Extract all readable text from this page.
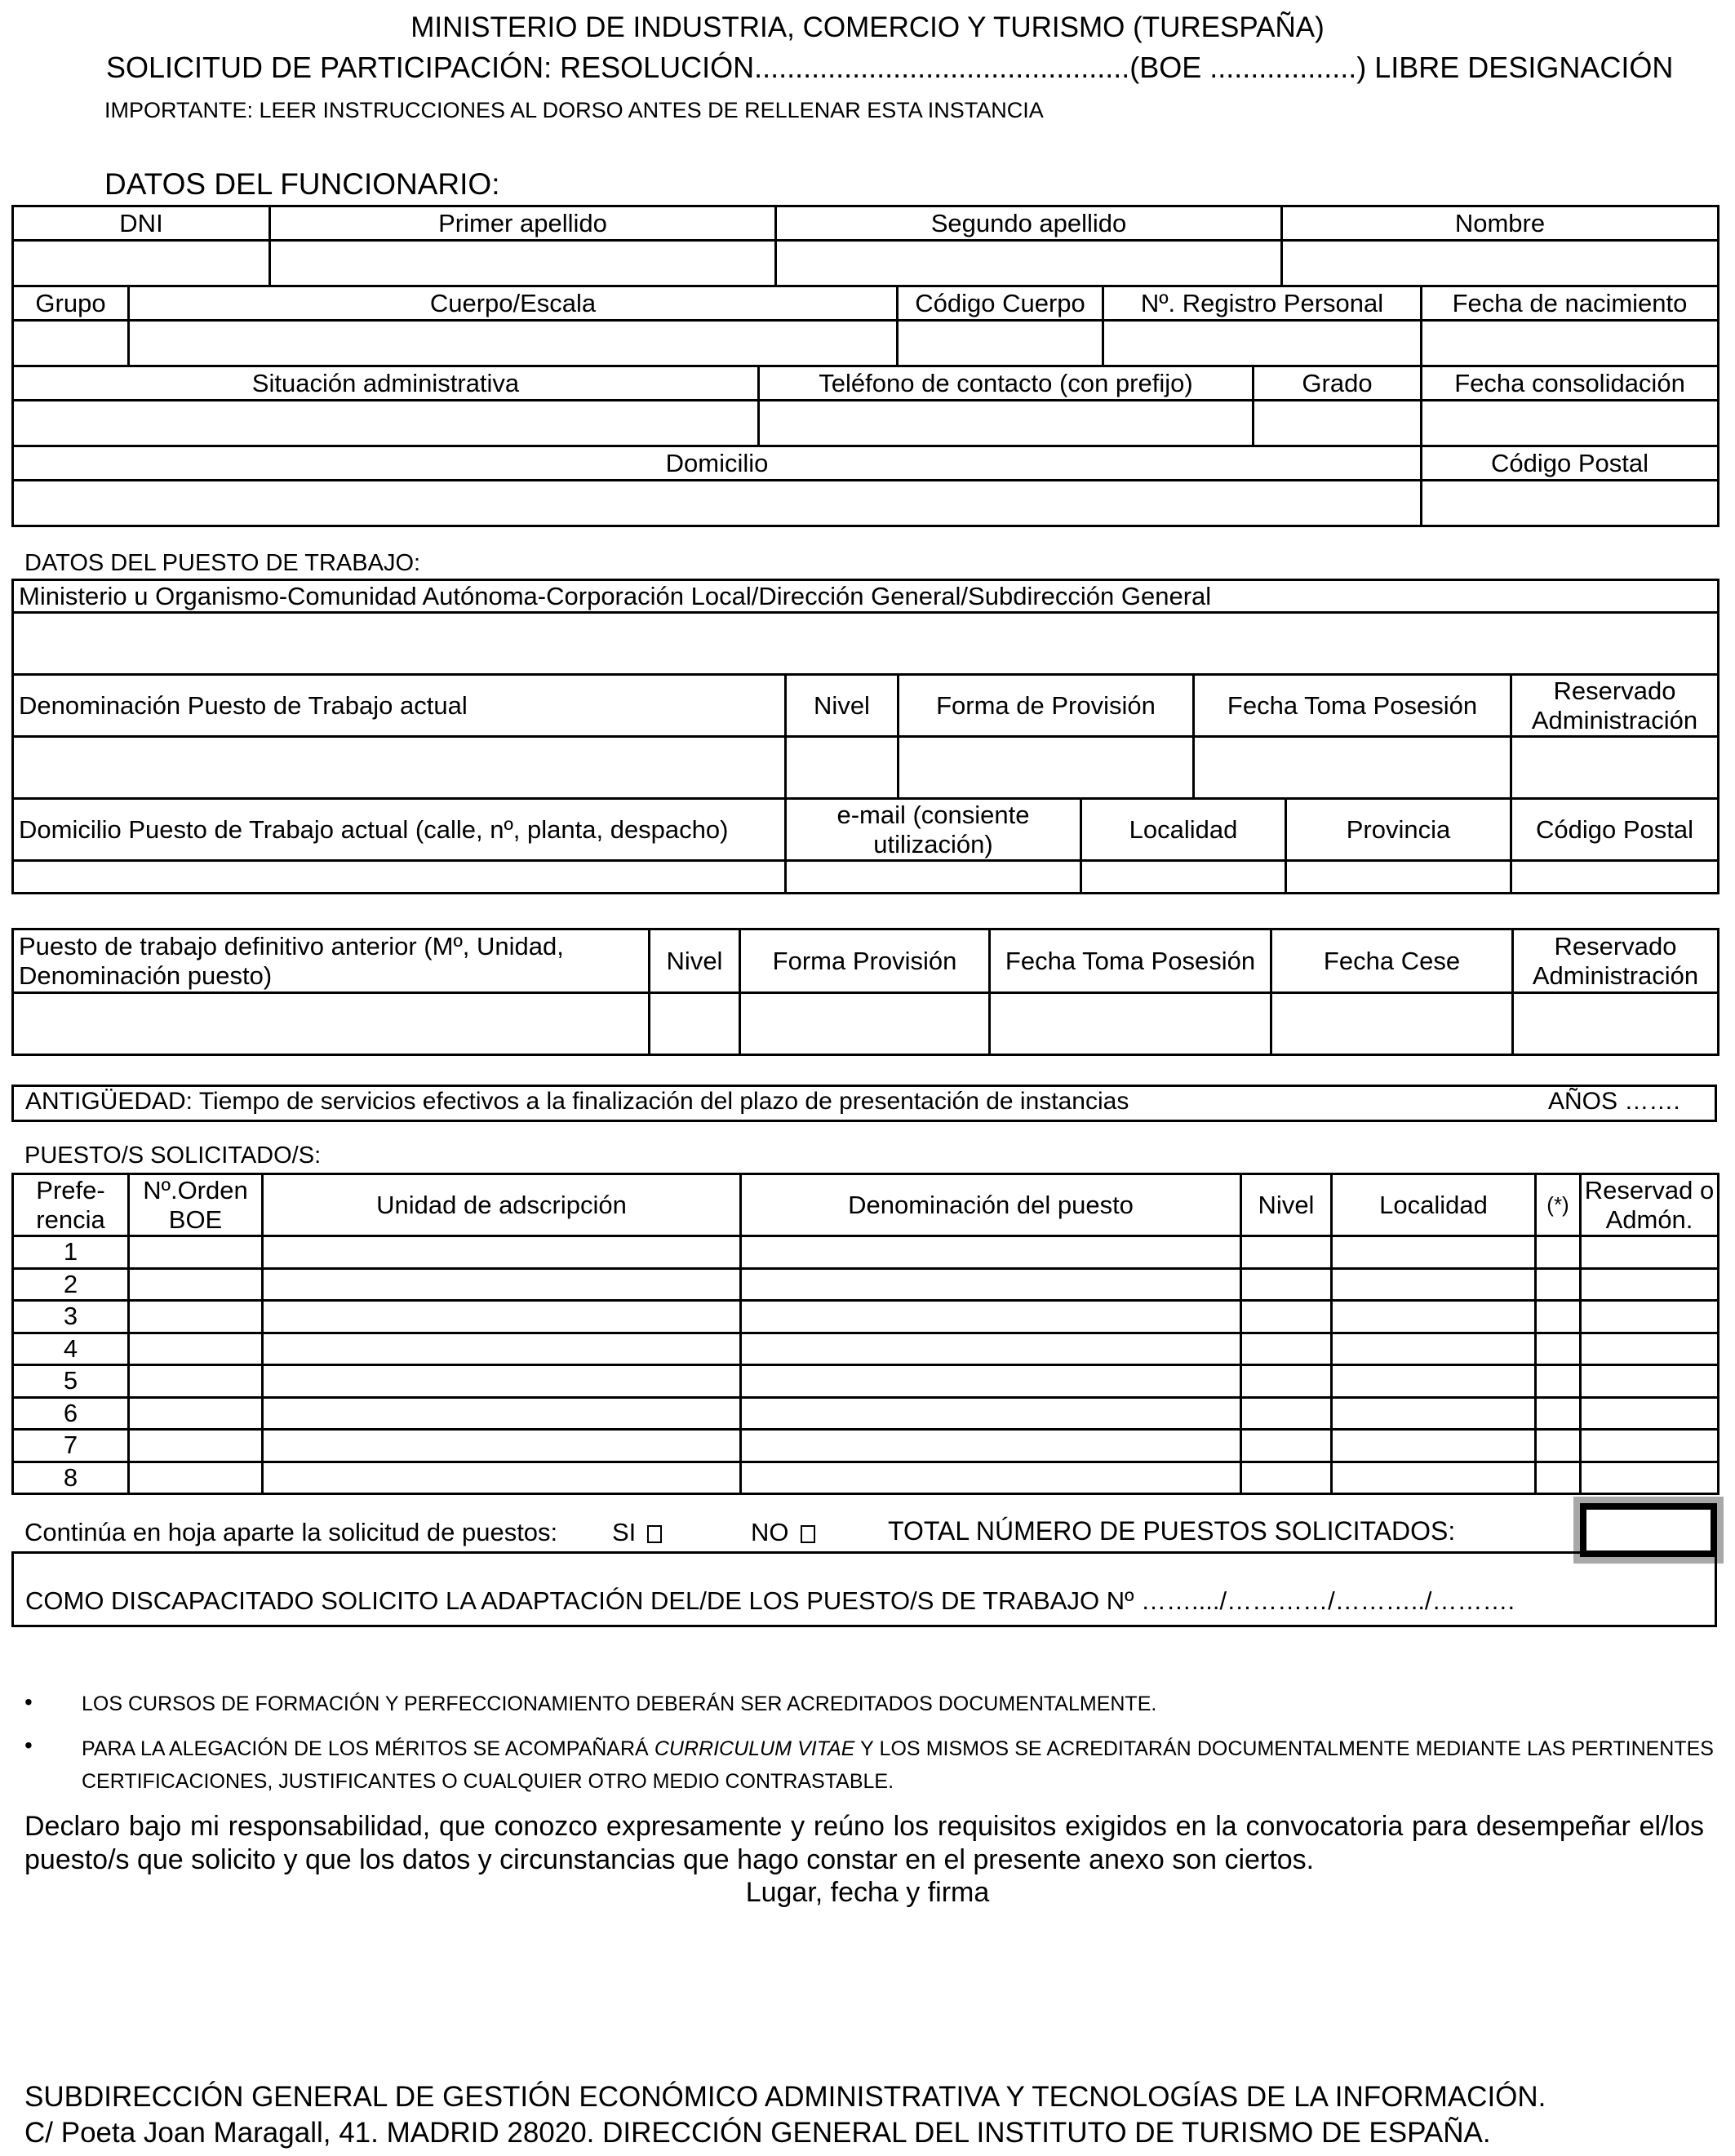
MINISTERIO DE INDUSTRIA, COMERCIO Y TURISMO (TURESPAÑA)
SOLICITUD DE PARTICIPACIÓN: RESOLUCIÓN..............................................(BOE ..................) LIBRE DESIGNACIÓN
IMPORTANTE: LEER INSTRUCCIONES AL DORSO ANTES DE RELLENAR ESTA INSTANCIA
DATOS DEL FUNCIONARIO:
DNI	Primer apellido	Segundo apellido	Nombre

Grupo	Cuerpo/Escala	Código Cuerpo	Nº. Registro Personal	Fecha de nacimiento

Situación administrativa	Teléfono de contacto (con prefijo)	Grado	Fecha consolidación

Domicilio	Código Postal

DATOS DEL PUESTO DE TRABAJO:
Ministerio u Organismo-Comunidad Autónoma-Corporación Local/Dirección General/Subdirección General

Denominación Puesto de Trabajo actual	Nivel	Forma de Provisión	Fecha Toma Posesión	Reservado Administración

Domicilio Puesto de Trabajo actual (calle, nº, planta, despacho)	e-mail (consiente utilización)	Localidad	Provincia	Código Postal

Puesto de trabajo definitivo anterior (Mº, Unidad, Denominación puesto)	Nivel	Forma Provisión	Fecha Toma Posesión	Fecha Cese	Reservado Administración

ANTIGÜEDAD: Tiempo de servicios efectivos a la finalización del plazo de presentación de instancias	AÑOS …….
PUESTO/S SOLICITADO/S:
Prefe- rencia	Nº.Orden BOE	Unidad de adscripción	Denominación del puesto	Nivel	Localidad	(*)	Reservad o Admón.
1							
2							
3							
4							
5							
6							
7							
8							
Continúa en hoja aparte la solicitud de puestos: SI	NO	TOTAL NÚMERO DE PUESTOS SOLICITADOS:
COMO DISCAPACITADO SOLICITO LA ADAPTACIÓN DEL/DE LOS PUESTO/S DE TRABAJO Nº ……..../…………/………../……….
• LOS CURSOS DE FORMACIÓN Y PERFECCIONAMIENTO DEBERÁN SER ACREDITADOS DOCUMENTALMENTE.
• PARA LA ALEGACIÓN DE LOS MÉRITOS SE ACOMPAÑARÁ CURRICULUM VITAE Y LOS MISMOS SE ACREDITARÁN DOCUMENTALMENTE MEDIANTE LAS PERTINENTES CERTIFICACIONES, JUSTIFICANTES O CUALQUIER OTRO MEDIO CONTRASTABLE.
Declaro bajo mi responsabilidad, que conozco expresamente y reúno los requisitos exigidos en la convocatoria para desempeñar el/los puesto/s que solicito y que los datos y circunstancias que hago constar en el presente anexo son ciertos.
Lugar, fecha y firma
SUBDIRECCIÓN GENERAL DE GESTIÓN ECONÓMICO ADMINISTRATIVA Y TECNOLOGÍAS DE LA INFORMACIÓN.
C/ Poeta Joan Maragall, 41. MADRID 28020. DIRECCIÓN GENERAL DEL INSTITUTO DE TURISMO DE ESPAÑA.
